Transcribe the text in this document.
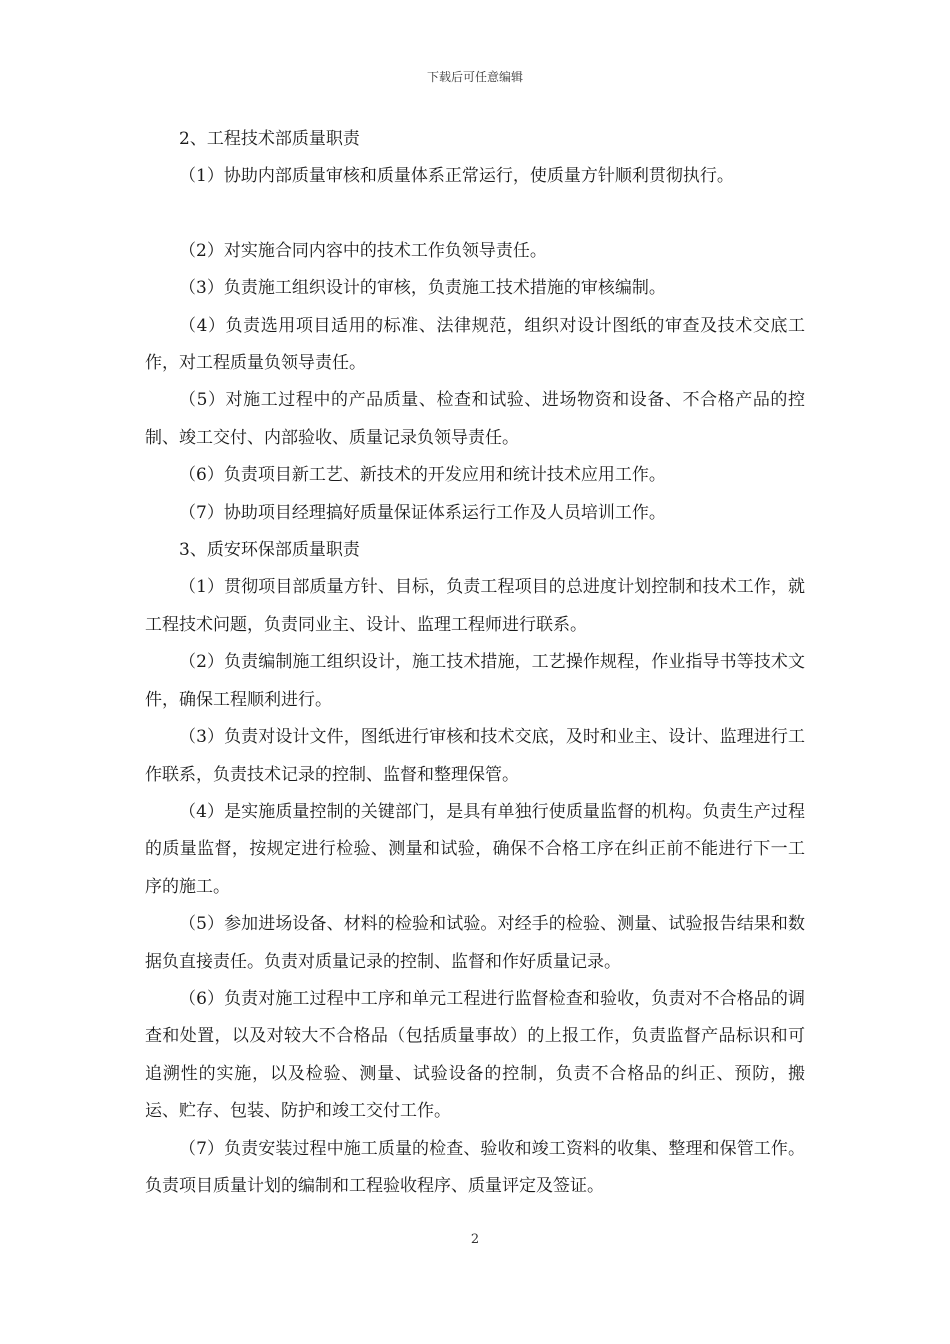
下载后可任意编辑

2、工程技术部质量职责

（1）协助内部质量审核和质量体系正常运行，使质量方针顺利贯彻执行。

（2）对实施合同内容中的技术工作负领导责任。

（3）负责施工组织设计的审核，负责施工技术措施的审核编制。

（4）负责选用项目适用的标准、法律规范，组织对设计图纸的审查及技术交底工作，对工程质量负领导责任。

（5）对施工过程中的产品质量、检查和试验、进场物资和设备、不合格产品的控制、竣工交付、内部验收、质量记录负领导责任。

（6）负责项目新工艺、新技术的开发应用和统计技术应用工作。

（7）协助项目经理搞好质量保证体系运行工作及人员培训工作。

3、质安环保部质量职责

（1）贯彻项目部质量方针、目标，负责工程项目的总进度计划控制和技术工作，就工程技术问题，负责同业主、设计、监理工程师进行联系。

（2）负责编制施工组织设计，施工技术措施，工艺操作规程，作业指导书等技术文件，确保工程顺利进行。

（3）负责对设计文件，图纸进行审核和技术交底，及时和业主、设计、监理进行工作联系，负责技术记录的控制、监督和整理保管。

（4）是实施质量控制的关键部门，是具有单独行使质量监督的机构。负责生产过程的质量监督，按规定进行检验、测量和试验，确保不合格工序在纠正前不能进行下一工序的施工。

（5）参加进场设备、材料的检验和试验。对经手的检验、测量、试验报告结果和数据负直接责任。负责对质量记录的控制、监督和作好质量记录。

（6）负责对施工过程中工序和单元工程进行监督检查和验收，负责对不合格品的调查和处置，以及对较大不合格品（包括质量事故）的上报工作，负责监督产品标识和可追溯性的实施，以及检验、测量、试验设备的控制，负责不合格品的纠正、预防，搬运、贮存、包装、防护和竣工交付工作。

（7）负责安装过程中施工质量的检查、验收和竣工资料的收集、整理和保管工作。负责项目质量计划的编制和工程验收程序、质量评定及签证。

2
